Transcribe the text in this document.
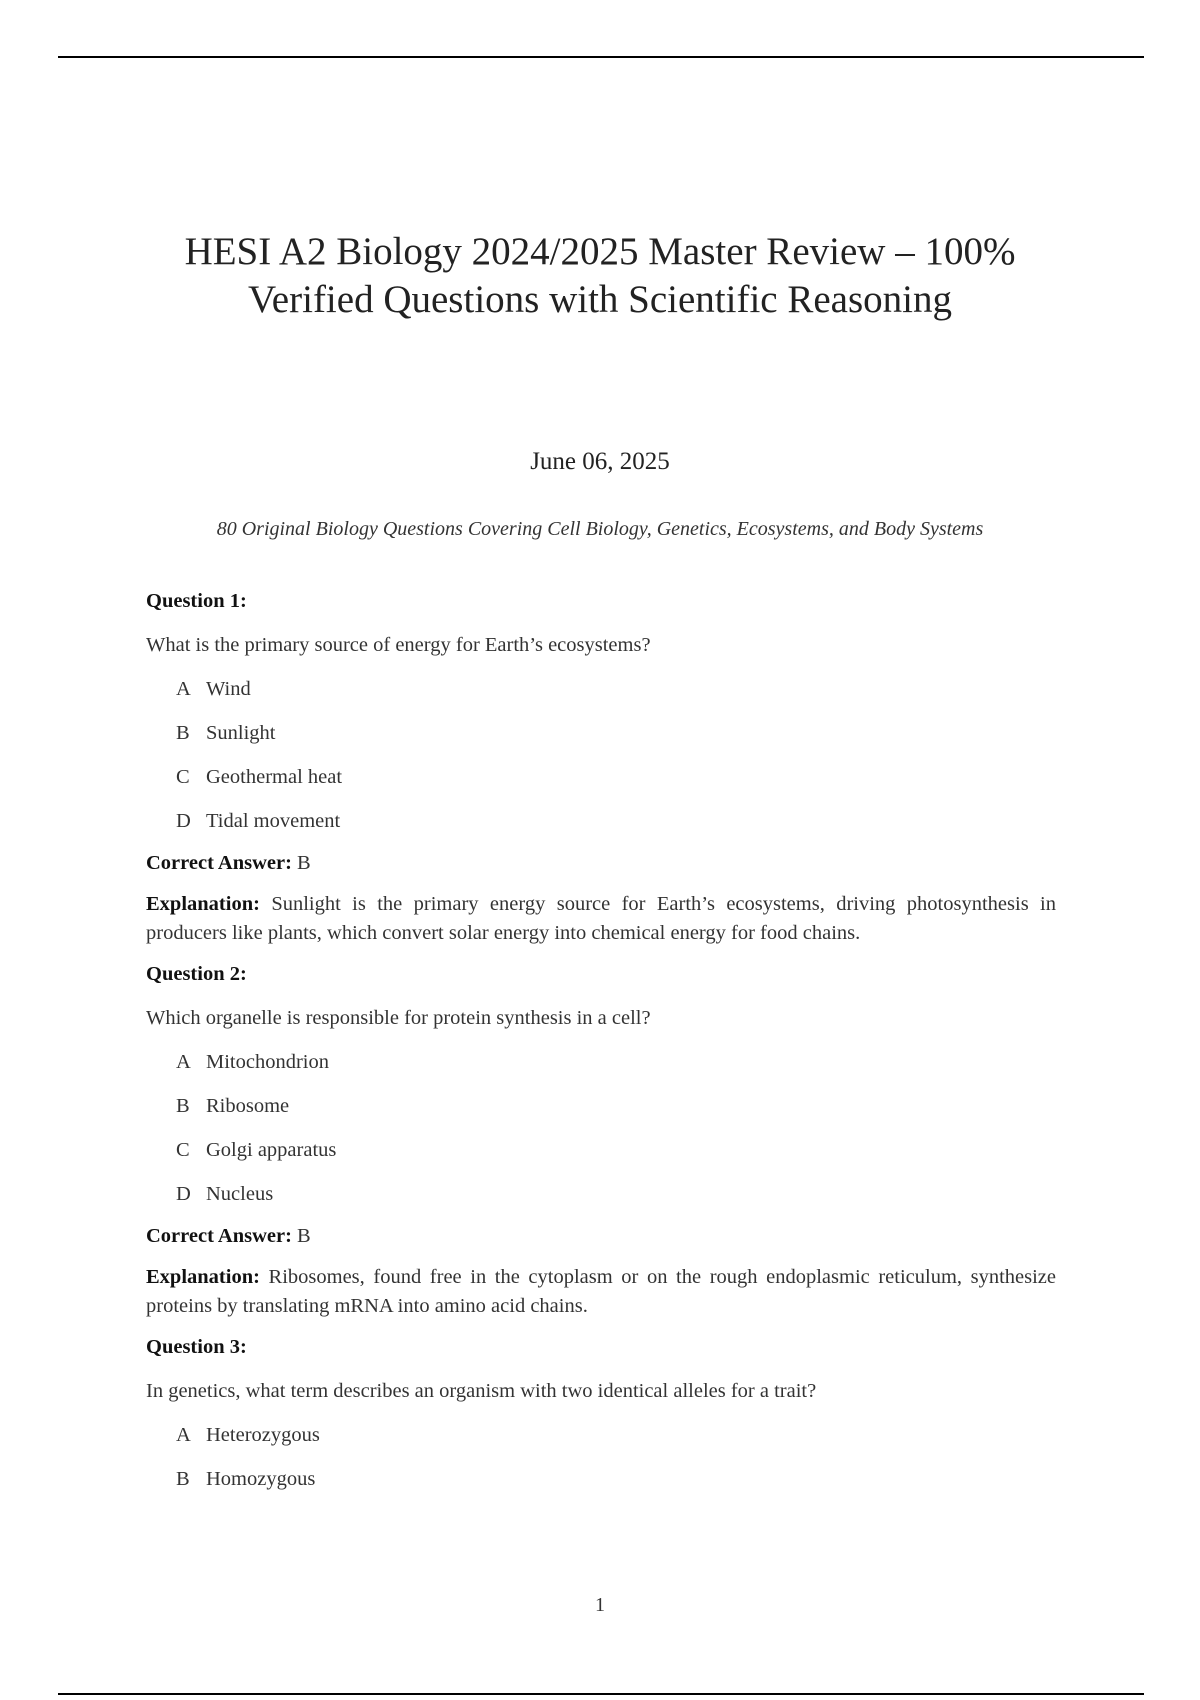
HESI A2 Biology 2024/2025 Master Review – 100%
Verified Questions with Scientific Reasoning
June 06, 2025
80 Original Biology Questions Covering Cell Biology, Genetics, Ecosystems, and Body Systems
Question 1:
What is the primary source of energy for Earth’s ecosystems?
A Wind
B Sunlight
C Geothermal heat
D Tidal movement
Correct Answer: B
Explanation: Sunlight is the primary energy source for Earth’s ecosystems, driving photosynthesis in producers like plants, which convert solar energy into chemical energy for food chains.
Question 2:
Which organelle is responsible for protein synthesis in a cell?
A Mitochondrion
B Ribosome
C Golgi apparatus
D Nucleus
Correct Answer: B
Explanation: Ribosomes, found free in the cytoplasm or on the rough endoplasmic reticulum, synthesize proteins by translating mRNA into amino acid chains.
Question 3:
In genetics, what term describes an organism with two identical alleles for a trait?
A Heterozygous
B Homozygous
1
